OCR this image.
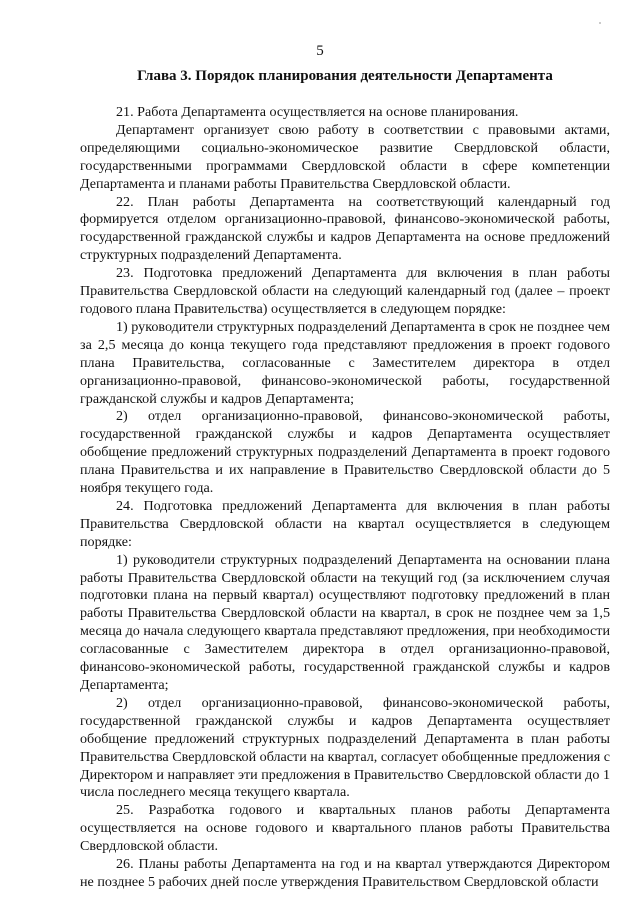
5
Глава 3. Порядок планирования деятельности Департамента

21. Работа Департамента осуществляется на основе планирования.

Департамент организует свою работу в соответствии с правовыми актами, определяющими социально-экономическое развитие Свердловской области, государственными программами Свердловской области в сфере компетенции Департамента и планами работы Правительства Свердловской области.

22. План работы Департамента на соответствующий календарный год формируется отделом организационно-правовой, финансово-экономической работы, государственной гражданской службы и кадров Департамента на основе предложений структурных подразделений Департамента.

23. Подготовка предложений Департамента для включения в план работы Правительства Свердловской области на следующий календарный год (далее – проект годового плана Правительства) осуществляется в следующем порядке:

1) руководители структурных подразделений Департамента в срок не позднее чем за 2,5 месяца до конца текущего года представляют предложения в проект годового плана Правительства, согласованные с Заместителем директора в отдел организационно-правовой, финансово-экономической работы, государственной гражданской службы и кадров Департамента;

2) отдел организационно-правовой, финансово-экономической работы, государственной гражданской службы и кадров Департамента осуществляет обобщение предложений структурных подразделений Департамента в проект годового плана Правительства и их направление в Правительство Свердловской области до 5 ноября текущего года.

24. Подготовка предложений Департамента для включения в план работы Правительства Свердловской области на квартал осуществляется в следующем порядке:

1) руководители структурных подразделений Департамента на основании плана работы Правительства Свердловской области на текущий год (за исключением случая подготовки плана на первый квартал) осуществляют подготовку предложений в план работы Правительства Свердловской области на квартал, в срок не позднее чем за 1,5 месяца до начала следующего квартала представляют предложения, при необходимости согласованные с Заместителем директора в отдел организационно-правовой, финансово-экономической работы, государственной гражданской службы и кадров Департамента;

2) отдел организационно-правовой, финансово-экономической работы, государственной гражданской службы и кадров Департамента осуществляет обобщение предложений структурных подразделений Департамента в план работы Правительства Свердловской области на квартал, согласует обобщенные предложения с Директором и направляет эти предложения в Правительство Свердловской области до 1 числа последнего месяца текущего квартала.

25. Разработка годового и квартальных планов работы Департамента осуществляется на основе годового и квартального планов работы Правительства Свердловской области.

26. Планы работы Департамента на год и на квартал утверждаются Директором не позднее 5 рабочих дней после утверждения Правительством Свердловской области
